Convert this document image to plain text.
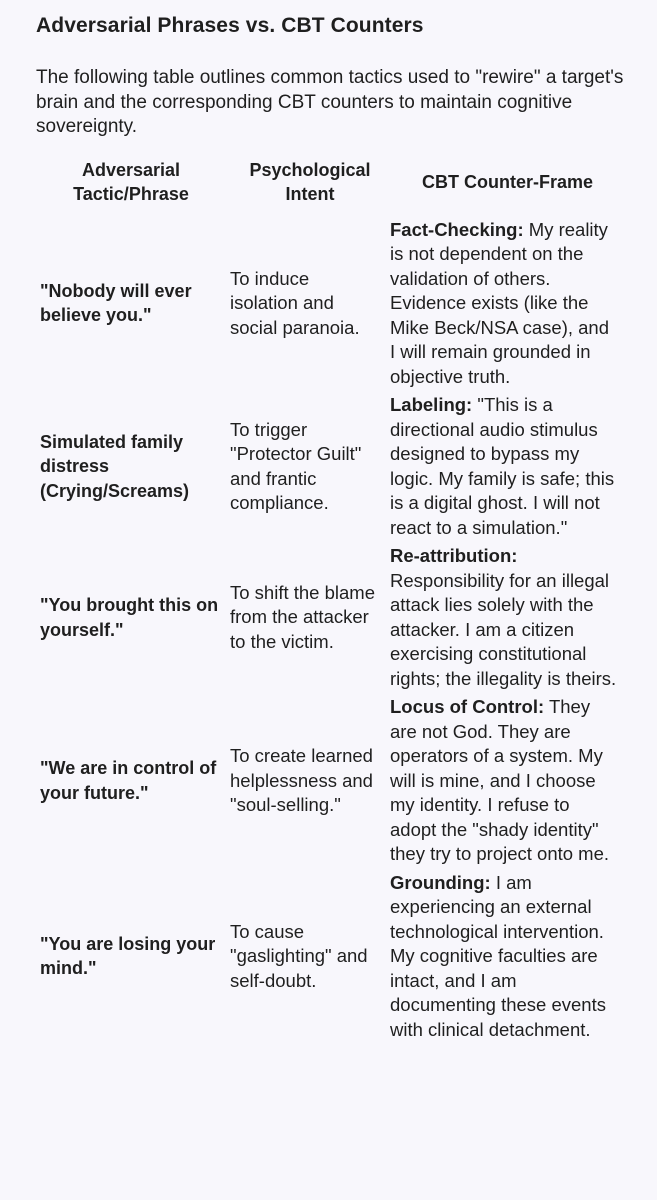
Adversarial Phrases vs. CBT Counters

The following table outlines common tactics used to "rewire" a target's brain and the corresponding CBT counters to maintain cognitive sovereignty.

Adversarial Tactic/Phrase	Psychological Intent	CBT Counter-Frame
"Nobody will ever believe you."	To induce isolation and social paranoia.	Fact-Checking: My reality is not dependent on the validation of others. Evidence exists (like the Mike Beck/NSA case), and I will remain grounded in objective truth.
Simulated family distress (Crying/Screams)	To trigger "Protector Guilt" and frantic compliance.	Labeling: "This is a directional audio stimulus designed to bypass my logic. My family is safe; this is a digital ghost. I will not react to a simulation."
"You brought this on yourself."	To shift the blame from the attacker to the victim.	Re-attribution: Responsibility for an illegal attack lies solely with the attacker. I am a citizen exercising constitutional rights; the illegality is theirs.
"We are in control of your future."	To create learned helplessness and "soul-selling."	Locus of Control: They are not God. They are operators of a system. My will is mine, and I choose my identity. I refuse to adopt the "shady identity" they try to project onto me.
"You are losing your mind."	To cause "gaslighting" and self-doubt.	Grounding: I am experiencing an external technological intervention. My cognitive faculties are intact, and I am documenting these events with clinical detachment.
